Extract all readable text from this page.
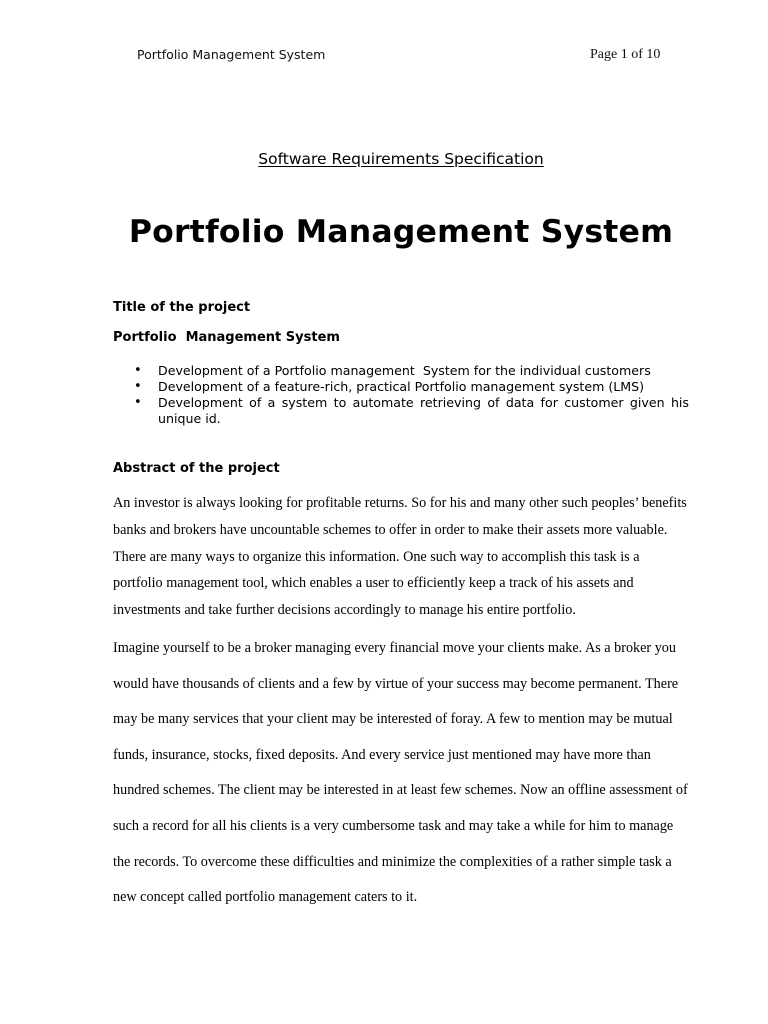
Portfolio Management System	Page 1 of 10
Software Requirements Specification
Portfolio Management System
Title of the project
Portfolio  Management System
• Development of a Portfolio management  System for the individual customers
• Development of a feature-rich, practical Portfolio management system (LMS)
• Development of a system to automate retrieving of data for customer given his unique id.
Abstract of the project

An investor is always looking for profitable returns. So for his and many other such peoples’ benefits banks and brokers have uncountable schemes to offer in order to make their assets more valuable. There are many ways to organize this information. One such way to accomplish this task is a portfolio management tool, which enables a user to efficiently keep a track of his assets and investments and take further decisions accordingly to manage his entire portfolio.

Imagine yourself to be a broker managing every financial move your clients make. As a broker you would have thousands of clients and a few by virtue of your success may become permanent. There may be many services that your client may be interested of foray. A few to mention may be mutual funds, insurance, stocks, fixed deposits. And every service just mentioned may have more than hundred schemes. The client may be interested in at least few schemes. Now an offline assessment of such a record for all his clients is a very cumbersome task and may take a while for him to manage the records. To overcome these difficulties and minimize the complexities of a rather simple task a new concept called portfolio management caters to it.
